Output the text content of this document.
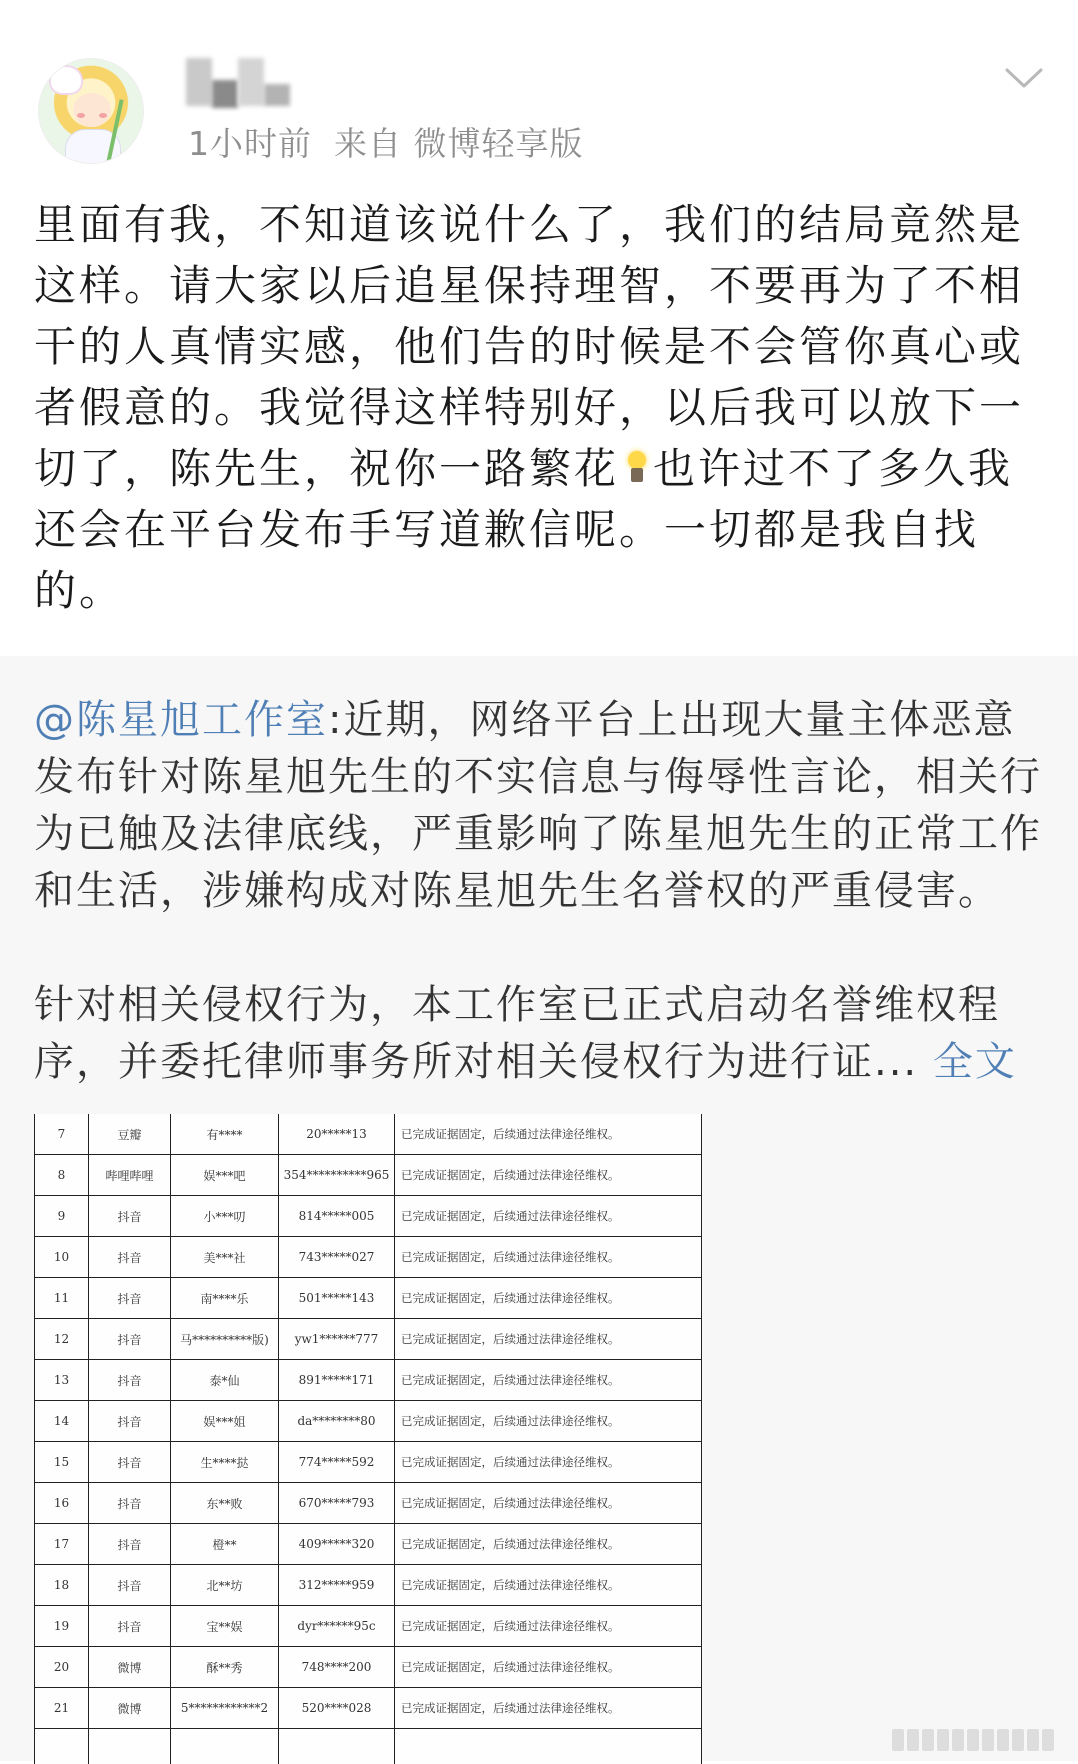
1小时前 来自 微博轻享版
里面有我，不知道该说什么了，我们的结局竟然是这样。请大家以后追星保持理智，不要再为了不相干的人真情实感，他们告的时候是不会管你真心或者假意的。我觉得这样特别好，以后我可以放下一切了，陈先生，祝你一路繁花 也许过不了多久我还会在平台发布手写道歉信呢。一切都是我自找的。
@陈星旭工作室:近期，网络平台上出现大量主体恶意发布针对陈星旭先生的不实信息与侮辱性言论，相关行为已触及法律底线，严重影响了陈星旭先生的正常工作和生活，涉嫌构成对陈星旭先生名誉权的严重侵害。
针对相关侵权行为，本工作室已正式启动名誉维权程序，并委托律师事务所对相关侵权行为进行证... 全文
7	豆瓣	有****	20*****13	已完成证据固定，后续通过法律途径维权。
8	哔哩哔哩	娱***吧	354**********965	已完成证据固定，后续通过法律途径维权。
9	抖音	小***叨	814*****005	已完成证据固定，后续通过法律途径维权。
10	抖音	美***社	743*****027	已完成证据固定，后续通过法律途径维权。
11	抖音	南****乐	501*****143	已完成证据固定，后续通过法律途径维权。
12	抖音	马**********版)	yw1******777	已完成证据固定，后续通过法律途径维权。
13	抖音	泰*仙	891*****171	已完成证据固定，后续通过法律途径维权。
14	抖音	娱***姐	da********80	已完成证据固定，后续通过法律途径维权。
15	抖音	生****挞	774*****592	已完成证据固定，后续通过法律途径维权。
16	抖音	东**败	670*****793	已完成证据固定，后续通过法律途径维权。
17	抖音	橙**	409*****320	已完成证据固定，后续通过法律途径维权。
18	抖音	北**坊	312*****959	已完成证据固定，后续通过法律途径维权。
19	抖音	宝**娱	dyr******95c	已完成证据固定，后续通过法律途径维权。
20	微博	酥**秀	748****200	已完成证据固定，后续通过法律途径维权。
21	微博	5************2	520****028	已完成证据固定，后续通过法律途径维权。
